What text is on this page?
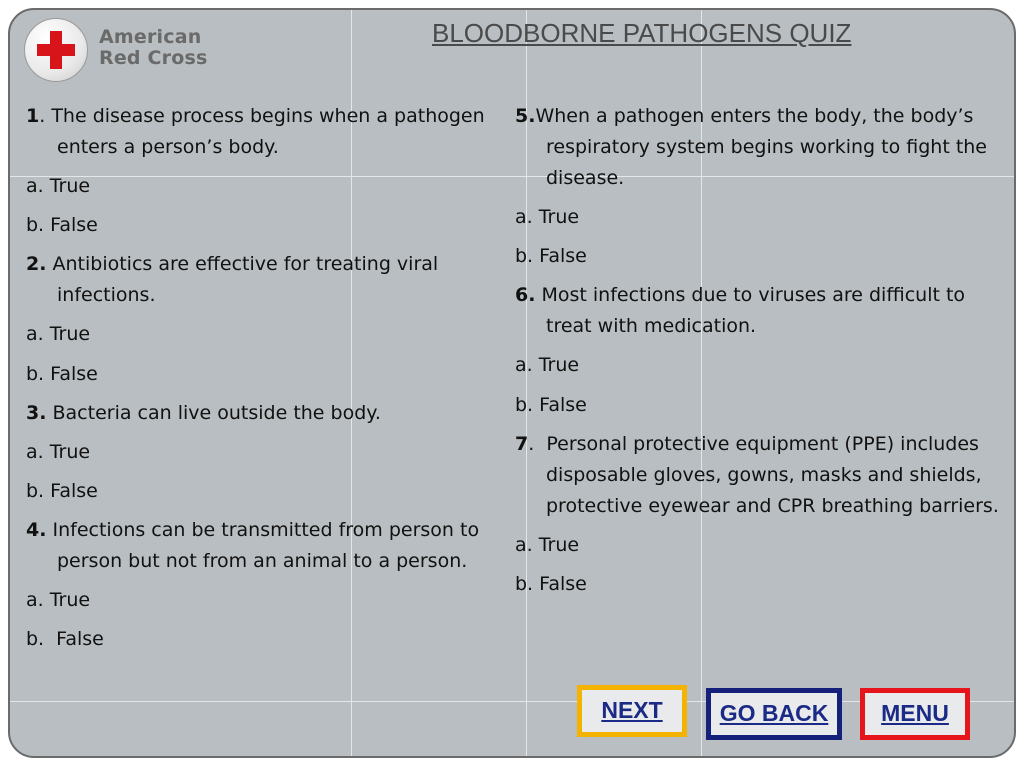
American
Red Cross
BLOODBORNE PATHOGENS QUIZ
1. The disease process begins when a pathogen enters a person’s body.
a. True
b. False
2. Antibiotics are effective for treating viral infections.
a. True
b. False
3. Bacteria can live outside the body.
a. True
b. False
4. Infections can be transmitted from person to person but not from an animal to a person.
a. True
b.  False
5.When a pathogen enters the body, the body’s respiratory system begins working to fight the disease.
a. True
b. False
6. Most infections due to viruses are difficult to treat with medication.
a. True
b. False
7.  Personal protective equipment (PPE) includes disposable gloves, gowns, masks and shields, protective eyewear and CPR breathing barriers.
a. True
b. False
NEXT	GO BACK	MENU
